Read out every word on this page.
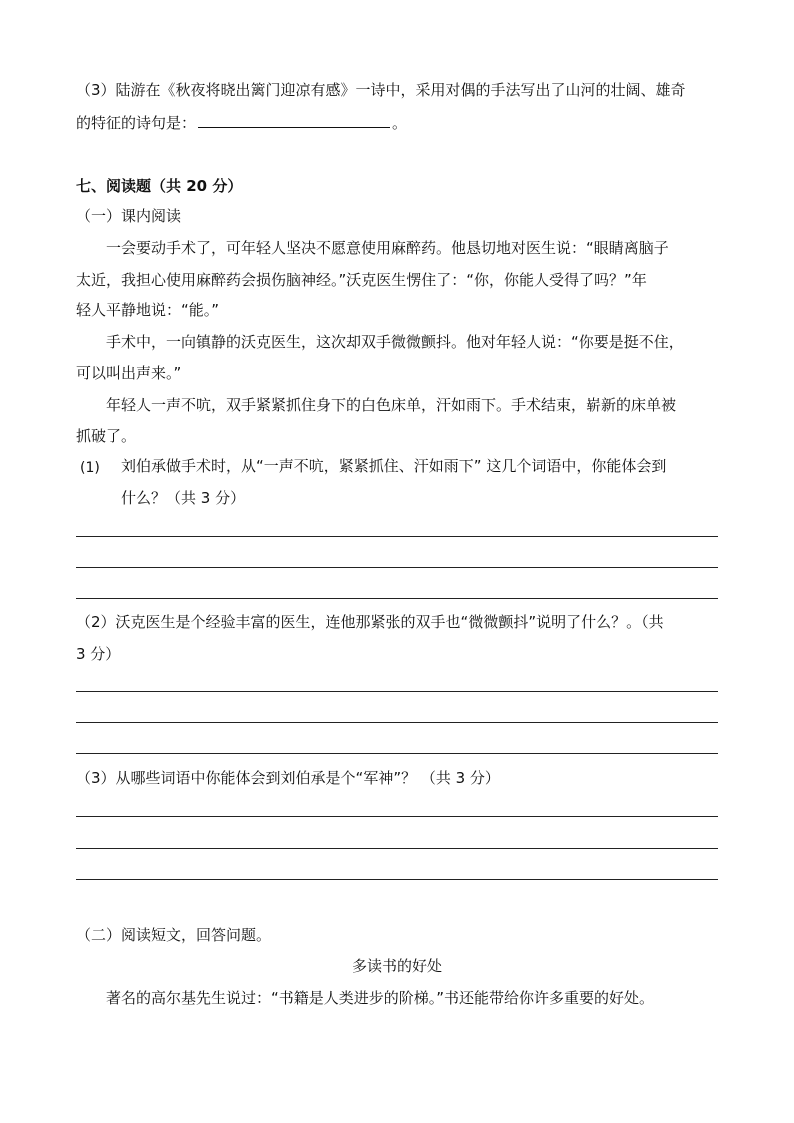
（3）陆游在《秋夜将晓出篱门迎凉有感》一诗中，采用对偶的手法写出了山河的壮阔、雄奇
的特征的诗句是：	。
七、阅读题（共 20 分）
（一）课内阅读
一会要动手术了，可年轻人坚决不愿意使用麻醉药。他恳切地对医生说：“眼睛离脑子
太近，我担心使用麻醉药会损伤脑神经。”沃克医生愣住了：“你，你能人受得了吗？”年
轻人平静地说：“能。”
手术中，一向镇静的沃克医生，这次却双手微微颤抖。他对年轻人说：“你要是挺不住，
可以叫出声来。”
年轻人一声不吭，双手紧紧抓住身下的白色床单，汗如雨下。手术结束，崭新的床单被
抓破了。
(1) 刘伯承做手术时，从“一声不吭，紧紧抓住、汗如雨下” 这几个词语中，你能体会到
什么？（共 3 分）
（2）沃克医生是个经验丰富的医生，连他那紧张的双手也“微微颤抖”说明了什么？。（共
3 分）
（3）从哪些词语中你能体会到刘伯承是个“军神”？ （共 3 分）
（二）阅读短文，回答问题。
多读书的好处
著名的高尔基先生说过：“书籍是人类进步的阶梯。”书还能带给你许多重要的好处。
